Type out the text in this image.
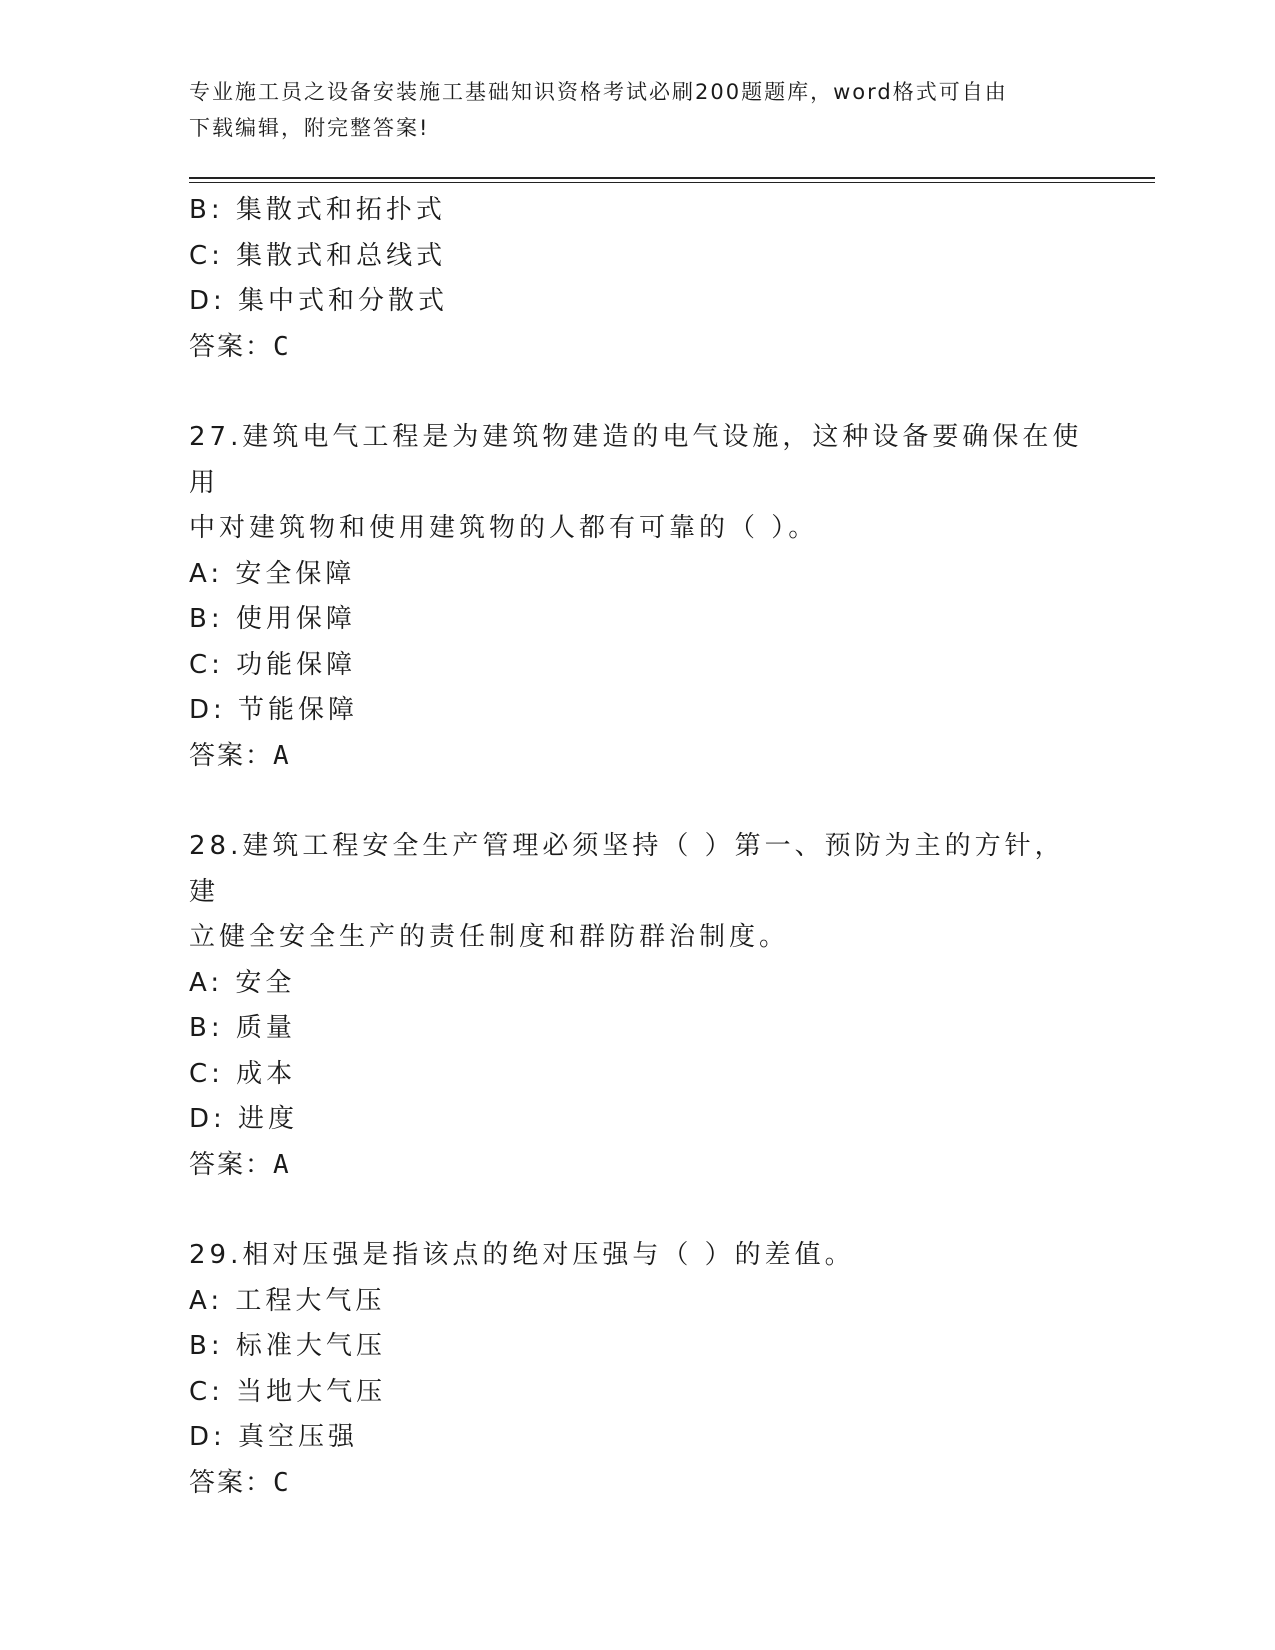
专业施工员之设备安装施工基础知识资格考试必刷200题题库，word格式可自由
下载编辑，附完整答案!
B: 集散式和拓扑式
C: 集散式和总线式
D: 集中式和分散式
答案：C
27.建筑电气工程是为建筑物建造的电气设施，这种设备要确保在使用
中对建筑物和使用建筑物的人都有可靠的（ ）。
A: 安全保障
B: 使用保障
C: 功能保障
D: 节能保障
答案：A
28.建筑工程安全生产管理必须坚持（ ）第一、预防为主的方针，建
立健全安全生产的责任制度和群防群治制度。
A: 安全
B: 质量
C: 成本
D: 进度
答案：A
29.相对压强是指该点的绝对压强与（ ）的差值。
A: 工程大气压
B: 标准大气压
C: 当地大气压
D: 真空压强
答案：C
